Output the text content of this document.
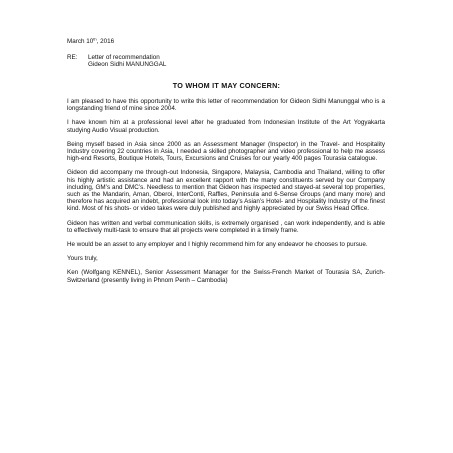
March 10th, 2016
RE:	Letter of recommendation
Gideon Sidhi MANUNGGAL
TO WHOM IT MAY CONCERN:

I am pleased to have this opportunity to write this letter of recommendation for Gideon Sidhi Manunggal who is a longstanding friend of mine since 2004.

I have known him at a professional level after he graduated from Indonesian Institute of the Art Yogyakarta studying Audio Visual production.

Being myself based in Asia since 2000 as an Assessment Manager (Inspector) in the Travel- and Hospitality Industry covering 22 countries in Asia, I needed a skilled photographer and video professional to help me assess high-end Resorts, Boutique Hotels, Tours, Excursions and Cruises for our yearly 400 pages Tourasia catalogue.

Gideon did accompany me through-out Indonesia, Singapore, Malaysia, Cambodia and Thailand, willing to offer his highly artistic assistance and had an excellent rapport with the many constituents served by our Company including, GM’s and DMC’s. Needless to mention that Gideon has inspected and stayed-at several top properties, such as the Mandarin, Aman, Oberoi, InterConti, Raffles, Peninsula and 6-Sense Groups (and many more) and therefore has acquired an indebt, professional look into today’s Asian’s Hotel- and Hospitality Industry of the finest kind. Most of his shots- or video takes were duly published and highly appreciated by our Swiss Head Office.

Gideon has written and verbal communication skills, is extremely organised , can work independently, and is able to effectively multi-task to ensure that all projects were completed in a timely frame.

He would be an asset to any employer and I highly recommend him for any endeavor he chooses to pursue.

Yours truly,

Ken (Wolfgang KENNEL), Senior Assessment Manager for the Swiss-French Market of Tourasia SA, Zurich-Switzerland (presently living in Phnom Penh – Cambodia)
